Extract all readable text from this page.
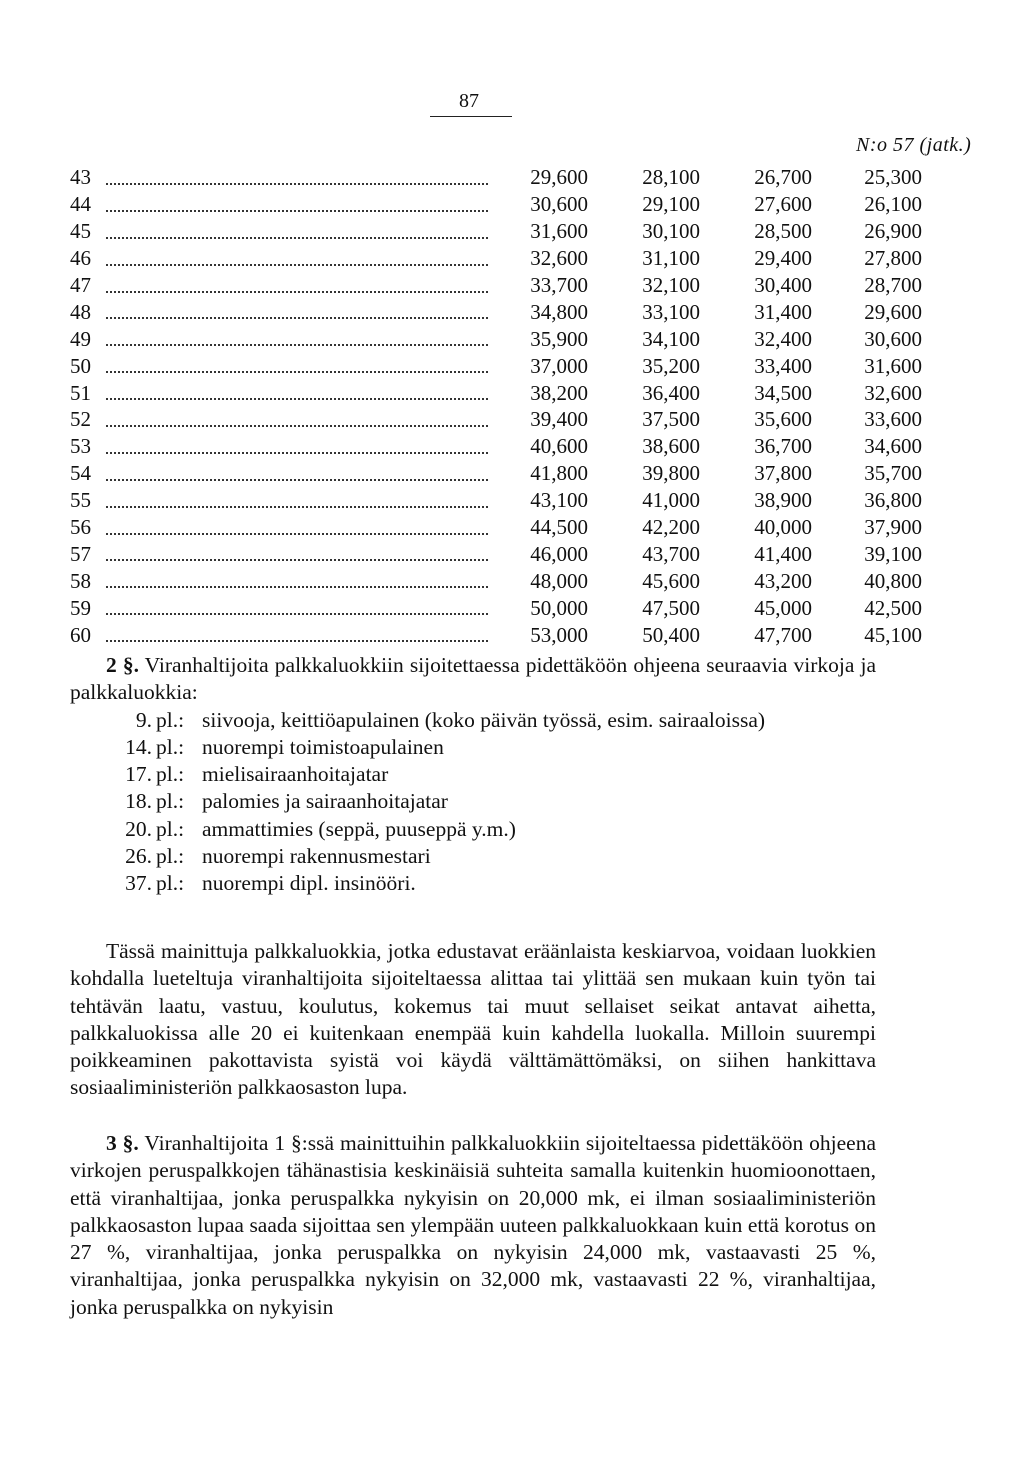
87
N:o 57 (jatk.)
43		29,600	28,100	26,700	25,300
44		30,600	29,100	27,600	26,100
45		31,600	30,100	28,500	26,900
46		32,600	31,100	29,400	27,800
47		33,700	32,100	30,400	28,700
48		34,800	33,100	31,400	29,600
49		35,900	34,100	32,400	30,600
50		37,000	35,200	33,400	31,600
51		38,200	36,400	34,500	32,600
52		39,400	37,500	35,600	33,600
53		40,600	38,600	36,700	34,600
54		41,800	39,800	37,800	35,700
55		43,100	41,000	38,900	36,800
56		44,500	42,200	40,000	37,900
57		46,000	43,700	41,400	39,100
58		48,000	45,600	43,200	40,800
59		50,000	47,500	45,000	42,500
60		53,000	50,400	47,700	45,100

2 §. Viranhaltijoita palkkaluokkiin sijoitettaessa pidettäköön ohjeena seuraavia virkoja ja palkkaluokkia:

9. pl.: siivooja, keittiöapulainen (koko päivän työssä, esim. sairaaloissa)
14. pl.: nuorempi toimistoapulainen
17. pl.: mielisairaanhoitajatar
18. pl.: palomies ja sairaanhoitajatar
20. pl.: ammattimies (seppä, puuseppä y.m.)
26. pl.: nuorempi rakennusmestari
37. pl.: nuorempi dipl. insinööri.

Tässä mainittuja palkkaluokkia, jotka edustavat eräänlaista keskiarvoa, voidaan luokkien kohdalla lueteltuja viranhaltijoita sijoiteltaessa alittaa tai ylittää sen mukaan kuin työn tai tehtävän laatu, vastuu, koulutus, kokemus tai muut sellaiset seikat antavat aihetta, palkkaluokissa alle 20 ei kuitenkaan enempää kuin kahdella luokalla. Milloin suurempi poikkeaminen pakottavista syistä voi käydä välttämättömäksi, on siihen hankittava sosiaaliministeriön palkkaosaston lupa.

3 §. Viranhaltijoita 1 §:ssä mainittuihin palkkaluokkiin sijoiteltaessa pidettäköön ohjeena virkojen peruspalkkojen tähänastisia keskinäisiä suhteita samalla kuitenkin huomioonottaen, että viranhaltijaa, jonka peruspalkka nykyisin on 20,000 mk, ei ilman sosiaaliministeriön palkkaosaston lupaa saada sijoittaa sen ylempään uuteen palkkaluokkaan kuin että korotus on 27 %, viranhaltijaa, jonka peruspalkka on nykyisin 24,000 mk, vastaavasti 25 %, viranhaltijaa, jonka peruspalkka nykyisin on 32,000 mk, vastaavasti 22 %, viranhaltijaa, jonka peruspalkka on nykyisin
